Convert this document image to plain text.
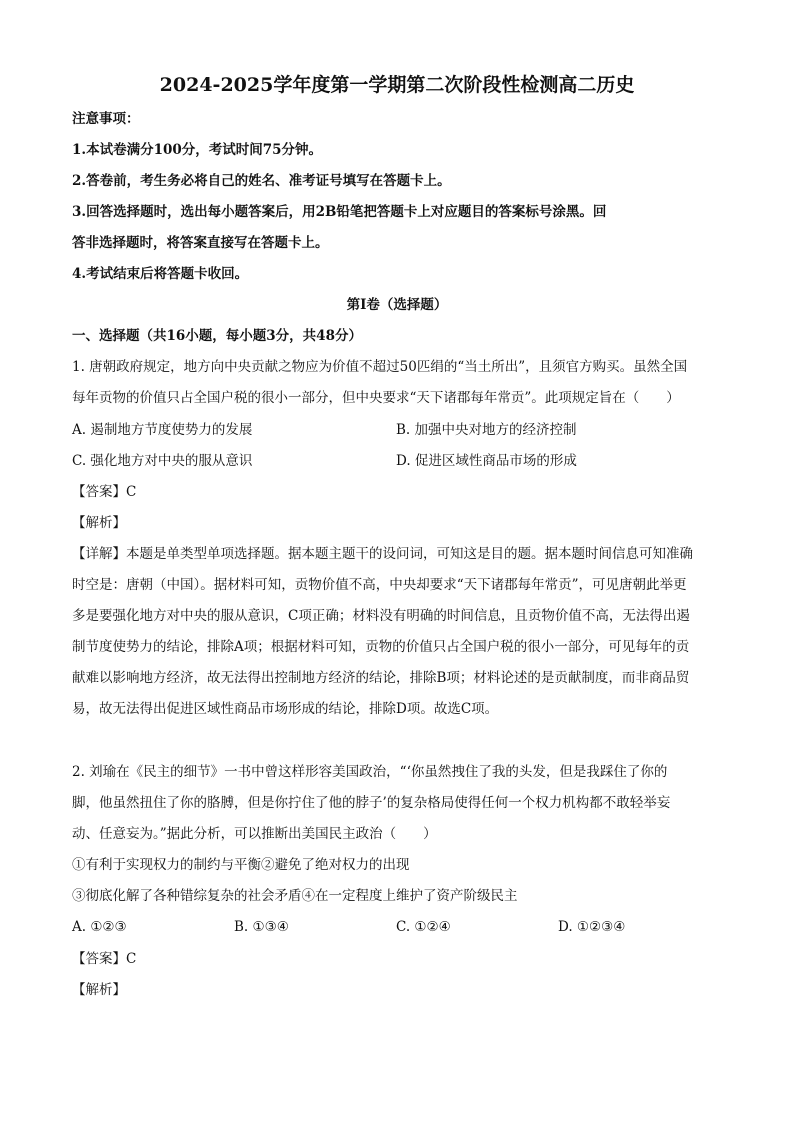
2024-2025学年度第一学期第二次阶段性检测高二历史
注意事项：
1.本试卷满分100分，考试时间75分钟。
2.答卷前，考生务必将自己的姓名、准考证号填写在答题卡上。
3.回答选择题时，选出每小题答案后，用2B铅笔把答题卡上对应题目的答案标号涂黑。回
答非选择题时，将答案直接写在答题卡上。
4.考试结束后将答题卡收回。
第Ⅰ卷（选择题）
一、选择题（共16小题，每小题3分，共48分）
1. 唐朝政府规定，地方向中央贡献之物应为价值不超过50匹绢的“当土所出”，且须官方购买。虽然全国
每年贡物的价值只占全国户税的很小一部分，但中央要求“天下诸郡每年常贡”。此项规定旨在（　　）
A. 遏制地方节度使势力的发展	B. 加强中央对地方的经济控制
C. 强化地方对中央的服从意识	D. 促进区域性商品市场的形成
【答案】C
【解析】
【详解】本题是单类型单项选择题。据本题主题干的设问词，可知这是目的题。据本题时间信息可知准确
时空是：唐朝（中国）。据材料可知，贡物价值不高，中央却要求“天下诸郡每年常贡”，可见唐朝此举更
多是要强化地方对中央的服从意识，C项正确；材料没有明确的时间信息，且贡物价值不高，无法得出遏
制节度使势力的结论，排除A项；根据材料可知，贡物的价值只占全国户税的很小一部分，可见每年的贡
献难以影响地方经济，故无法得出控制地方经济的结论，排除B项；材料论述的是贡献制度，而非商品贸
易，故无法得出促进区域性商品市场形成的结论，排除D项。故选C项。
2. 刘瑜在《民主的细节》一书中曾这样形容美国政治，“‘你虽然拽住了我的头发，但是我踩住了你的
脚，他虽然扭住了你的胳膊，但是你拧住了他的脖子’的复杂格局使得任何一个权力机构都不敢轻举妄
动、任意妄为。”据此分析，可以推断出美国民主政治（　　）
①有利于实现权力的制约与平衡②避免了绝对权力的出现
③彻底化解了各种错综复杂的社会矛盾④在一定程度上维护了资产阶级民主
A. ①②③	B. ①③④	C. ①②④	D. ①②③④
【答案】C
【解析】
